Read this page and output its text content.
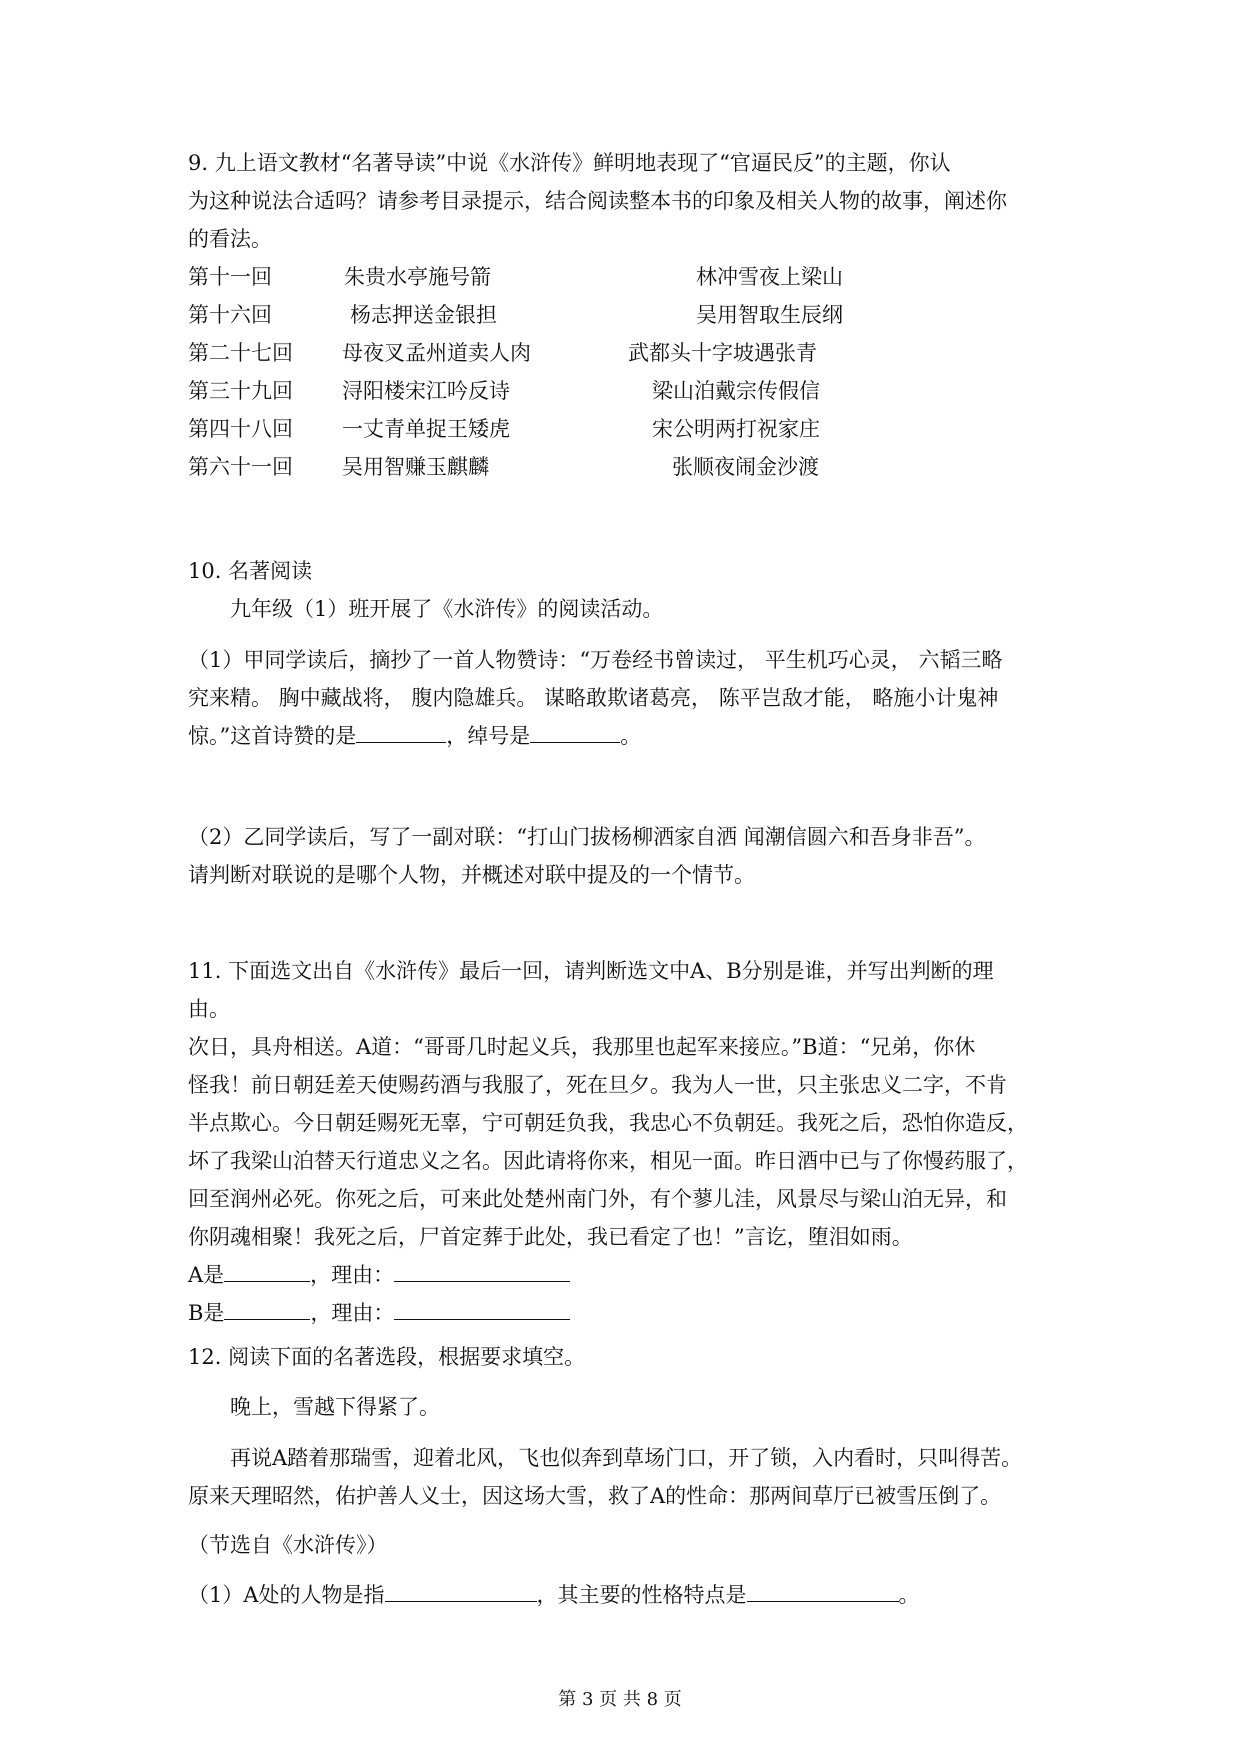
9. 九上语文教材“名著导读”中说《水浒传》鲜明地表现了“官逼民反”的主题，你认
为这种说法合适吗？请参考目录提示，结合阅读整本书的印象及相关人物的故事，阐述你
的看法。
第十一回	朱贵水亭施号箭	林冲雪夜上梁山
第十六回	杨志押送金银担	吴用智取生辰纲
第二十七回 母夜叉孟州道卖人肉	武都头十字坡遇张青
第三十九回 浔阳楼宋江吟反诗	梁山泊戴宗传假信
第四十八回 一丈青单捉王矮虎	宋公明两打祝家庄
第六十一回 吴用智赚玉麒麟	张顺夜闹金沙渡
10. 名著阅读
九年级（1）班开展了《水浒传》的阅读活动。
（1）甲同学读后，摘抄了一首人物赞诗：“万卷经书曾读过， 平生机巧心灵， 六韬三略
究来精。 胸中藏战将， 腹内隐雄兵。 谋略敢欺诸葛亮， 陈平岂敌才能， 略施小计鬼神
惊。”这首诗赞的是	，绰号是	。
（2）乙同学读后，写了一副对联：“打山门拔杨柳洒家自洒 闻潮信圆六和吾身非吾”。
请判断对联说的是哪个人物，并概述对联中提及的一个情节。
11. 下面选文出自《水浒传》最后一回，请判断选文中A、B分别是谁，并写出判断的理
由。
次日，具舟相送。A道：“哥哥几时起义兵，我那里也起军来接应。”B道：“兄弟，你休
怪我！前日朝廷差天使赐药酒与我服了，死在旦夕。我为人一世，只主张忠义二字，不肯
半点欺心。今日朝廷赐死无辜，宁可朝廷负我，我忠心不负朝廷。我死之后，恐怕你造反，
坏了我梁山泊替天行道忠义之名。因此请将你来，相见一面。昨日酒中已与了你慢药服了，
回至润州必死。你死之后，可来此处楚州南门外，有个蓼儿洼，风景尽与梁山泊无异，和
你阴魂相聚！我死之后，尸首定葬于此处，我已看定了也！”言讫，堕泪如雨。
A是	，理由：
B是	，理由：
12. 阅读下面的名著选段，根据要求填空。
晚上，雪越下得紧了。
再说A踏着那瑞雪，迎着北风，飞也似奔到草场门口，开了锁，入内看时，只叫得苦。
原来天理昭然，佑护善人义士，因这场大雪，救了A的性命：那两间草厅已被雪压倒了。
（节选自《水浒传》）
（1）A处的人物是指	，其主要的性格特点是	。
第 3 页 共 8 页
